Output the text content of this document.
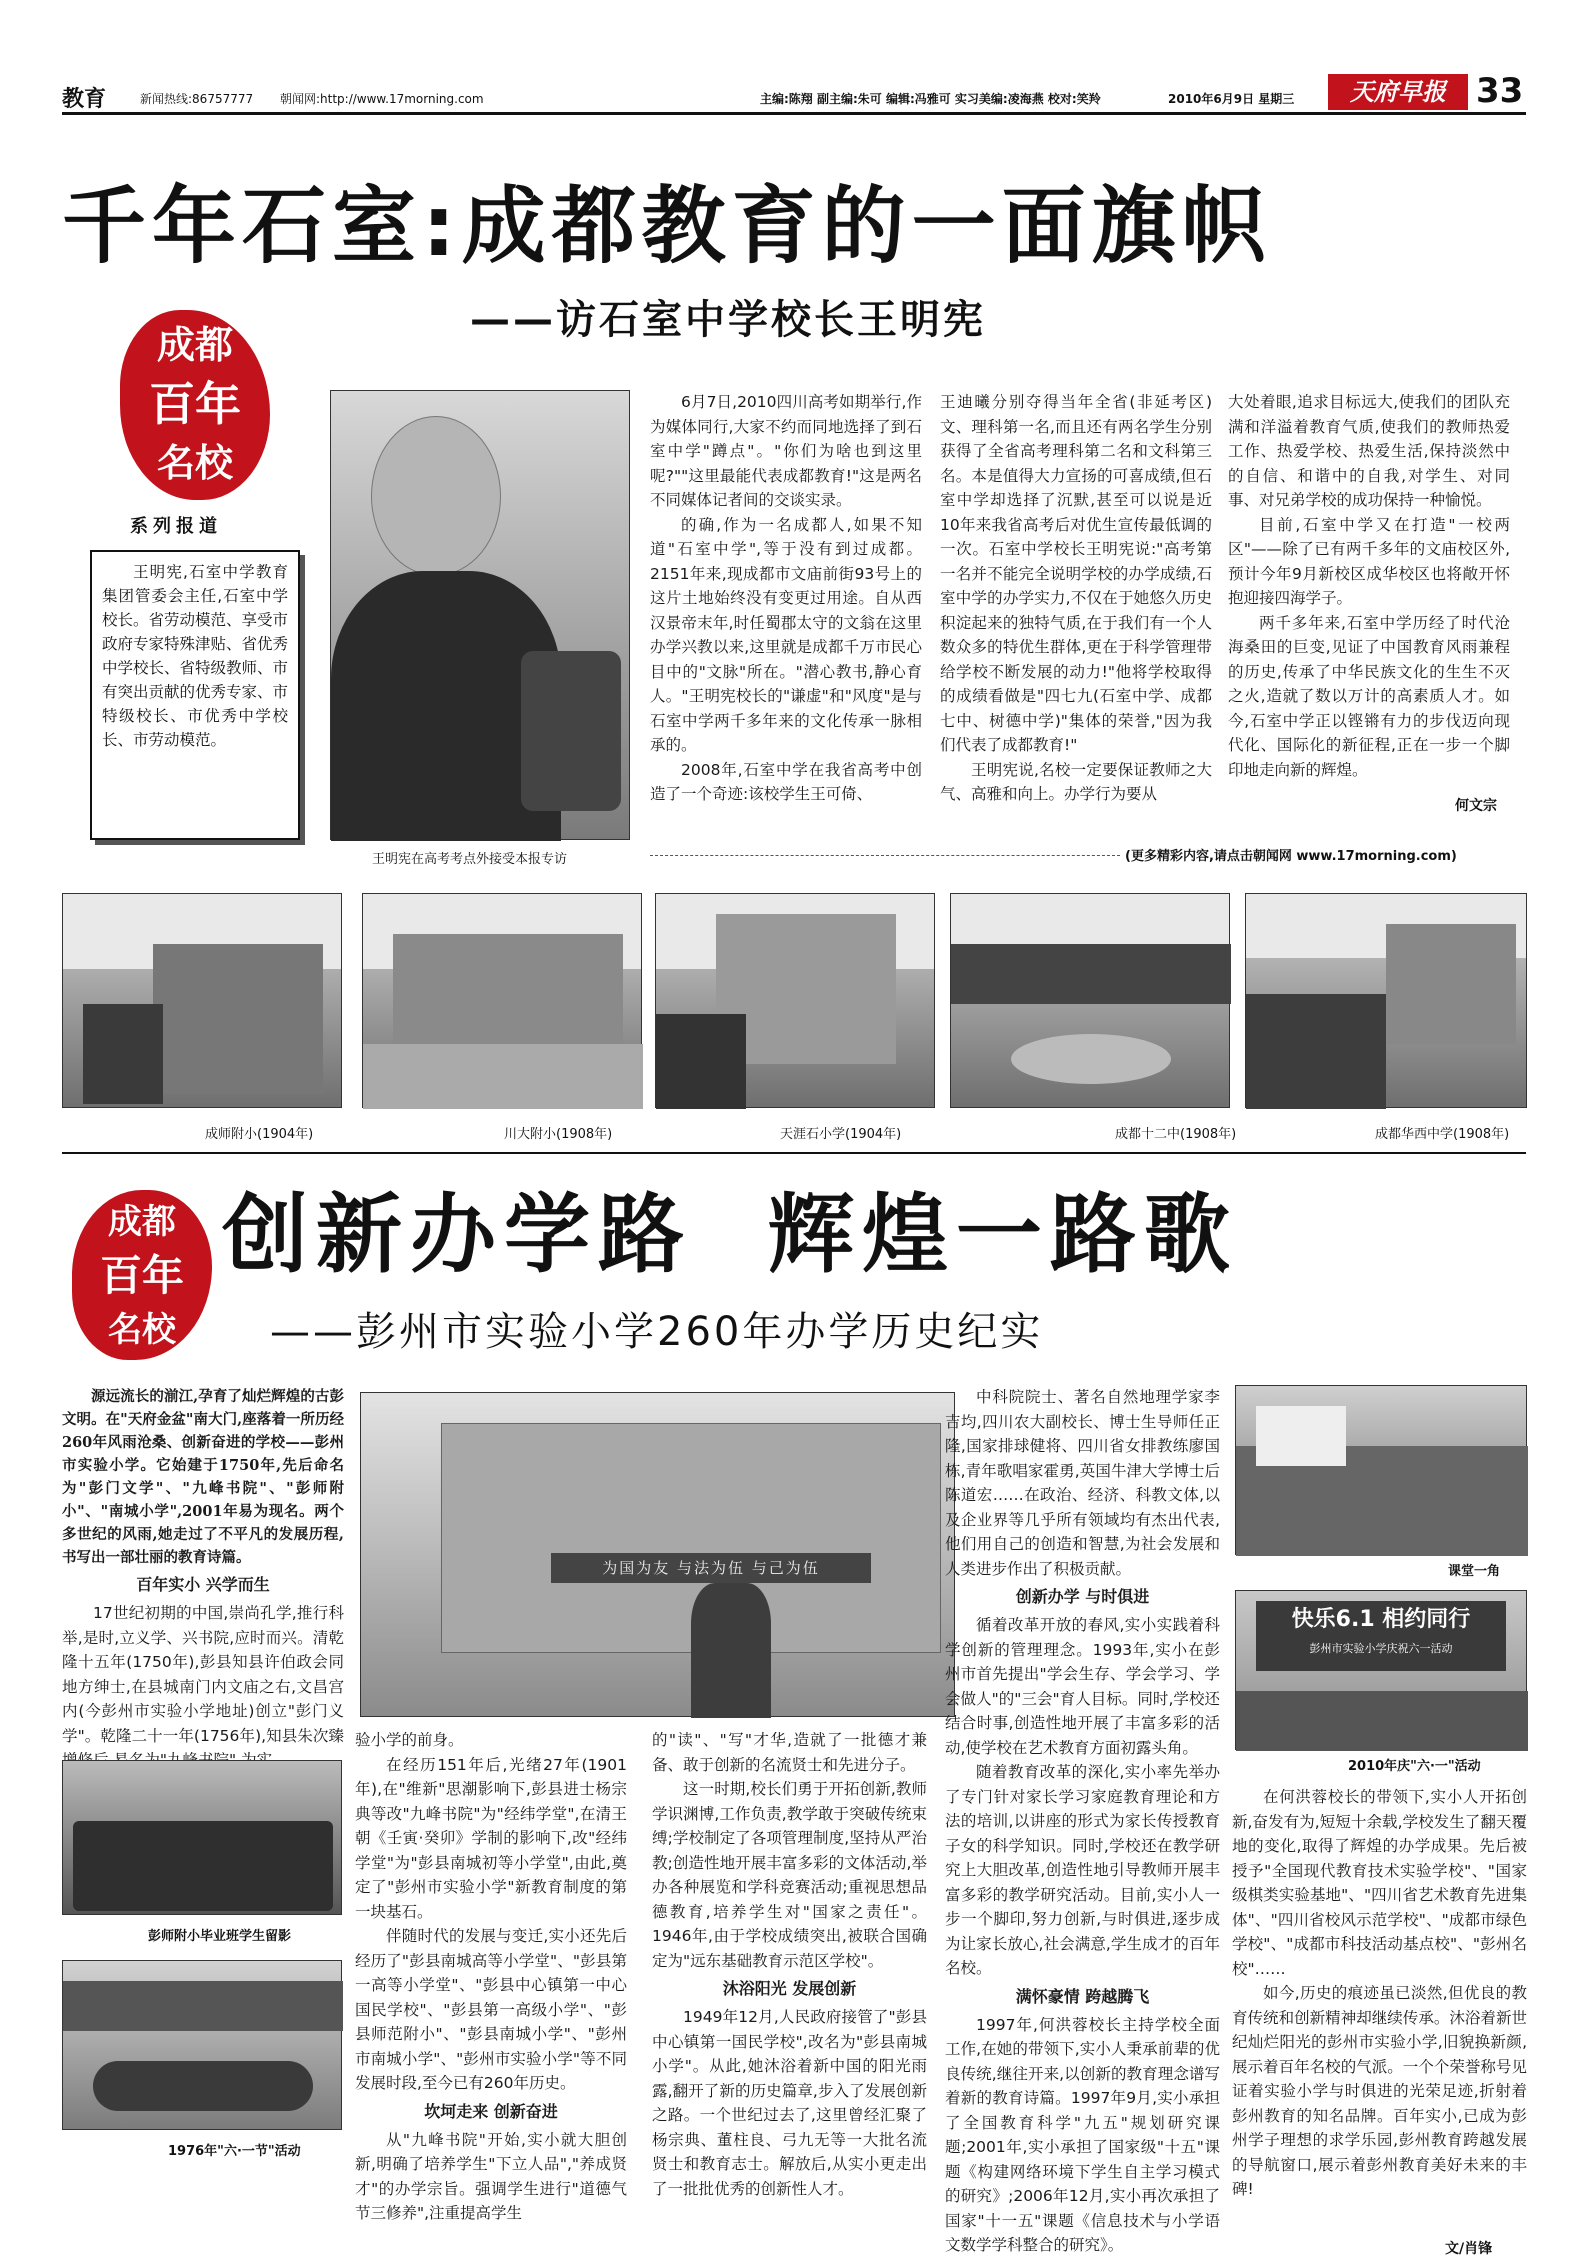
教育	新闻热线:86757777 朝闻网:http://www.17morning.com	主编:陈翔 副主编:朱可 编辑:冯雅可 实习美编:凌海燕 校对:笑羚	2010年6月9日 星期三	天府早报 33
千年石室:成都教育的一面旗帜
——访石室中学校长王明宪
成都
百年
名校
系列报道
王明宪,石室中学教育集团管委会主任,石室中学校长。省劳动模范、享受市政府专家特殊津贴、省优秀中学校长、省特级教师、市有突出贡献的优秀专家、市特级校长、市优秀中学校长、市劳动模范。
王明宪在高考考点外接受本报专访

6月7日,2010四川高考如期举行,作为媒体同行,大家不约而同地选择了到石室中学"蹲点"。"你们为啥也到这里呢?""这里最能代表成都教育!"这是两名不同媒体记者间的交谈实录。

的确,作为一名成都人,如果不知道"石室中学",等于没有到过成都。2151年来,现成都市文庙前街93号上的这片土地始终没有变更过用途。自从西汉景帝末年,时任蜀郡太守的文翁在这里办学兴教以来,这里就是成都千万市民心目中的"文脉"所在。"潜心教书,静心育人。"王明宪校长的"谦虚"和"风度"是与石室中学两千多年来的文化传承一脉相承的。

2008年,石室中学在我省高考中创造了一个奇迹:该校学生王可倚、

王迪曦分别夺得当年全省(非延考区)文、理科第一名,而且还有两名学生分别获得了全省高考理科第二名和文科第三名。本是值得大力宣扬的可喜成绩,但石室中学却选择了沉默,甚至可以说是近10年来我省高考后对优生宣传最低调的一次。石室中学校长王明宪说:"高考第一名并不能完全说明学校的办学成绩,石室中学的办学实力,不仅在于她悠久历史积淀起来的独特气质,在于我们有一个人数众多的特优生群体,更在于科学管理带给学校不断发展的动力!"他将学校取得的成绩看做是"四七九(石室中学、成都七中、树德中学)"集体的荣誉,"因为我们代表了成都教育!"

王明宪说,名校一定要保证教师之大气、高雅和向上。办学行为要从

大处着眼,追求目标远大,使我们的团队充满和洋溢着教育气质,使我们的教师热爱工作、热爱学校、热爱生活,保持淡然中的自信、和谐中的自我,对学生、对同事、对兄弟学校的成功保持一种愉悦。

目前,石室中学又在打造"一校两区"——除了已有两千多年的文庙校区外,预计今年9月新校区成华校区也将敞开怀抱迎接四海学子。

两千多年来,石室中学历经了时代沧海桑田的巨变,见证了中国教育风雨兼程的历史,传承了中华民族文化的生生不灭之火,造就了数以万计的高素质人才。如今,石室中学正以铿锵有力的步伐迈向现代化、国际化的新征程,正在一步一个脚印地走向新的辉煌。

何文宗
(更多精彩内容,请点击朝闻网 www.17morning.com)
成师附小(1904年)	川大附小(1908年)	天涯石小学(1904年)	成都十二中(1908年)	成都华西中学(1908年)
成都
百年
名校
创新办学路  辉煌一路歌
——彭州市实验小学260年办学历史纪实

源远流长的湔江,孕育了灿烂辉煌的古彭文明。在"天府金盆"南大门,座落着一所历经260年风雨沧桑、创新奋进的学校——彭州市实验小学。它始建于1750年,先后命名为"彭门文学"、"九峰书院"、"彭师附小"、"南城小学",2001年易为现名。两个多世纪的风雨,她走过了不平凡的发展历程,书写出一部壮丽的教育诗篇。

百年实小 兴学而生

17世纪初期的中国,崇尚孔学,推行科举,是时,立义学、兴书院,应时而兴。清乾隆十五年(1750年),彭县知县许伯政会同地方绅士,在县城南门内文庙之右,文昌宫内(今彭州市实验小学地址)创立"彭门义学"。乾隆二十一年(1756年),知县朱次臻

为国为友 与法为伍 与己为伍

验小学的前身。

在经历151年后,光绪27年(1901年),在"维新"思潮影响下,彭县进士杨宗典等改"九峰书院"为"经纬学堂",在清王朝《壬寅·癸卯》学制的影响下,改"经纬学堂"为"彭县南城初等小学堂",由此,奠定了"彭州市实验小学"新教育制度的第一块基石。

伴随时代的发展与变迁,实小还先后经历了"彭县南城高等小学堂"、"彭县第一高等小学堂"、"彭县中心镇第一中心国民学校"、"彭县第一高级小学"、"彭县师范附小"、"彭县南城小学"、"彭州市南城小学"、"彭州市实验小学"等不同发展时段,至今已有260年历史。

坎坷走来 创新奋进

从"九峰书院"开始,实小就大胆创新,明确了培养学生"下立人品","养成贤才"的办学宗旨。强调学生进行"道德气节三修养",注重提高学生

的"读"、"写"才华,造就了一批德才兼备、敢于创新的名流贤士和先进分子。

这一时期,校长们勇于开拓创新,教师学识渊博,工作负责,教学敢于突破传统束缚;学校制定了各项管理制度,坚持从严治教;创造性地开展丰富多彩的文体活动,举办各种展览和学科竞赛活动;重视思想品德教育,培养学生对"国家之责任"。1946年,由于学校成绩突出,被联合国确定为"远东基础教育示范区学校"。

沐浴阳光 发展创新

1949年12月,人民政府接管了"彭县中心镇第一国民学校",改名为"彭县南城小学"。从此,她沐浴着新中国的阳光雨露,翻开了新的历史篇章,步入了发展创新之路。一个世纪过去了,这里曾经汇聚了杨宗典、董柱良、弓九无等一大批名流贤士和教育志士。解放后,从实小更走出了一批批优秀的创新性人才。

中科院院士、著名自然地理学家李吉均,四川农大副校长、博士生导师任正隆,国家排球健将、四川省女排教练廖国栋,青年歌唱家霍勇,英国牛津大学博士后陈道宏……在政治、经济、科教文体,以及企业界等几乎所有领域均有杰出代表,他们用自己的创造和智慧,为社会发展和人类进步作出了积极贡献。

创新办学 与时俱进

循着改革开放的春风,实小实践着科学创新的管理理念。1993年,实小在彭州市首先提出"学会生存、学会学习、学会做人"的"三会"育人目标。同时,学校还结合时事,创造性地开展了丰富多彩的活动,使学校在艺术教育方面初露头角。

随着教育改革的深化,实小率先举办了专门针对家长学习家庭教育理论和方法的培训,以讲座的形式为家长传授教育子女的科学知识。同时,学校还在教学研究上大胆改革,创造性地引导教师开展丰富多彩的教学研究活动。目前,实小人一步一个脚印,努力创新,与时俱进,逐步成为让家长放心,社会满意,学生成才的百年名校。

满怀豪情 跨越腾飞

1997年,何洪蓉校长主持学校全面工作,在她的带领下,实小人秉承前辈的优良传统,继往开来,以创新的教育理念谱写着新的教育诗篇。1997年9月,实小承担了全国教育科学"九五"规划研究课题;2001年,实小承担了国家级"十五"课题《构建网络环境下学生自主学习模式的研究》;2006年12月,实小再次承担了国家"十一五"课题《信息技术与小学语文数学学科整合的研究》。

课堂一角
快乐6.1 相约同行
彭州市实验小学庆祝六一活动
2010年庆"六·一"活动

在何洪蓉校长的带领下,实小人开拓创新,奋发有为,短短十余载,学校发生了翻天覆地的变化,取得了辉煌的办学成果。先后被授予"全国现代教育技术实验学校"、"国家级棋类实验基地"、"四川省艺术教育先进集体"、"四川省校风示范学校"、"成都市绿色学校"、"成都市科技活动基点校"、"彭州名校"……

如今,历史的痕迹虽已淡然,但优良的教育传统和创新精神却继续传承。沐浴着新世纪灿烂阳光的彭州市实验小学,旧貌换新颜,展示着百年名校的气派。一个个荣誉称号见证着实验小学与时俱进的光荣足迹,折射着彭州教育的知名品牌。百年实小,已成为彭州学子理想的求学乐园,彭州教育跨越发展的导航窗口,展示着彭州教育美好未来的丰碑!

文/肖锋
彭师附小毕业班学生留影
1976年"六·一节"活动
